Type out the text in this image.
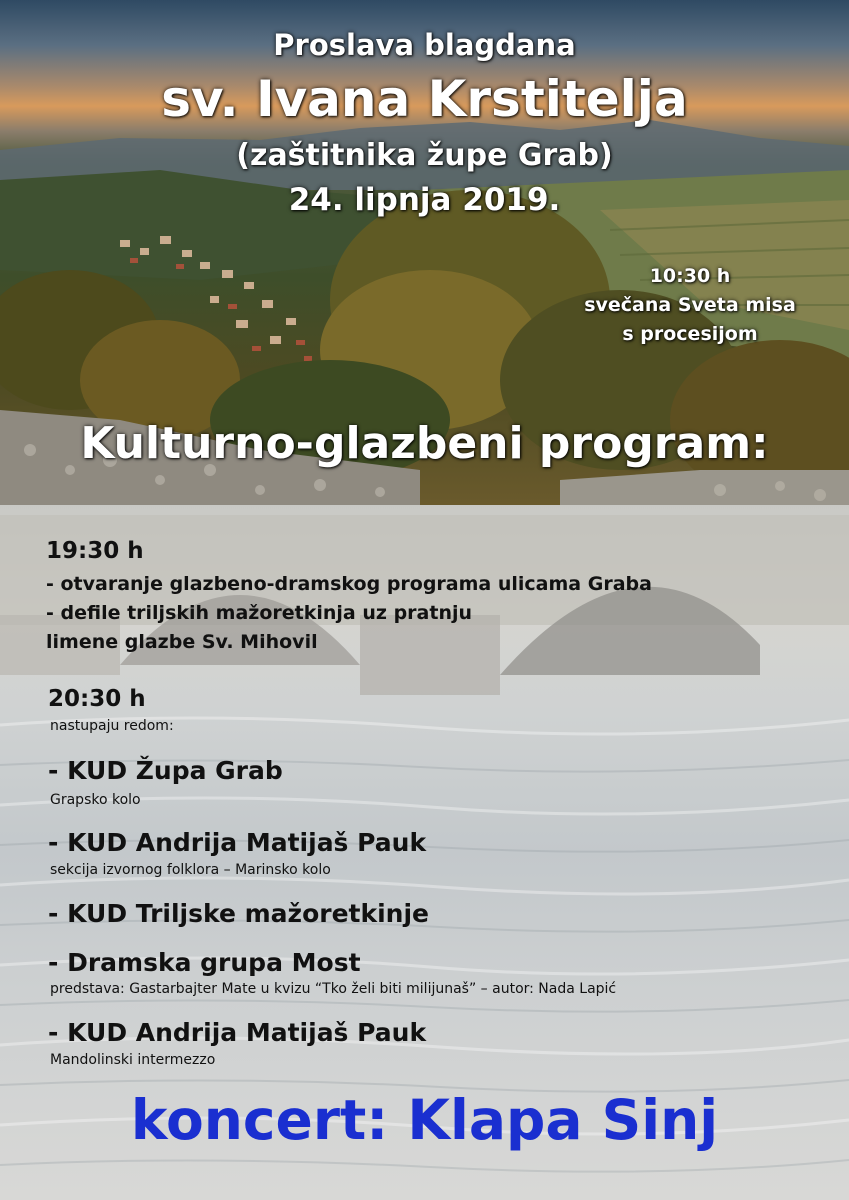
Proslava blagdana

sv. Ivana Krstitelja

(zaštitnika župe Grab)

24. lipnja 2019.

10:30 h
svečana Sveta misa
s procesijom

Kulturno-glazbeni program:

19:30 h

- otvaranje glazbeno-dramskog programa ulicama Graba

- defile triljskih mažoretkinja uz pratnju

limene glazbe Sv. Mihovil

20:30 h

nastupaju redom:

- KUD Župa Grab

Grapsko kolo

- KUD Andrija Matijaš Pauk

sekcija izvornog folklora – Marinsko kolo

- KUD Triljske mažoretkinje

- Dramska grupa Most

predstava: Gastarbajter Mate u kvizu “Tko želi biti milijunaš” – autor: Nada Lapić

- KUD Andrija Matijaš Pauk

Mandolinski intermezzo

koncert: Klapa Sinj
